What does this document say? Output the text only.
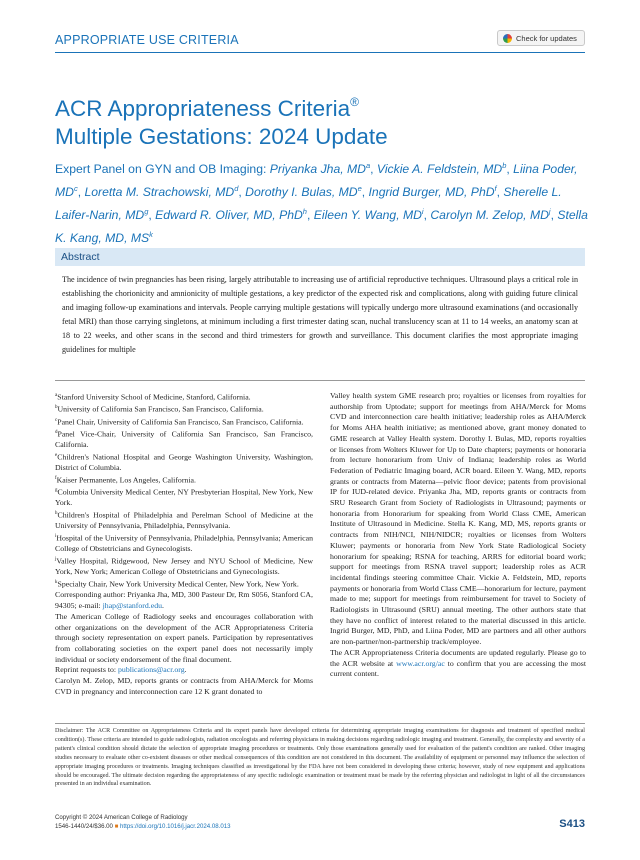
APPROPRIATE USE CRITERIA	Check for updates
ACR Appropriateness Criteria®
Multiple Gestations: 2024 Update
Expert Panel on GYN and OB Imaging: Priyanka Jha, $MD^a$, Vickie A. Feldstein, $MD^b$, Liina Poder, $MD^c$, Loretta M. Strachowski, $MD^d$, Dorothy I. Bulas, MDe, Ingrid Burger, MD, PhD$^f$, Sherelle L. Laifer-Narin, $MD^g$, Edward R. Oliver, MD, PhD$^h$, Eileen Y. Wang, $MD^i$, Carolyn M. Zelop, $MD^j$, Stella K. Kang, MD, $MS^k$
Abstract
The incidence of twin pregnancies has been rising, largely attributable to increasing use of artificial reproductive techniques. Ultrasound plays a critical role in establishing the chorionicity and amnionicity of multiple gestations, a key predictor of the expected risk and complications, along with guiding future clinical and imaging follow-up examinations and intervals. People carrying multiple gestations will typically undergo more ultrasound examinations (and occasionally fetal MRI) than those carrying singletons, at minimum including a first trimester dating scan, nuchal translucency scan at 11 to 14 weeks, an anatomy scan at 18 to 22 weeks, and other scans in the second and third trimesters for growth and surveillance. This document clarifies the most appropriate imaging guidelines for multiple

$^a$Stanford University School of Medicine, Stanford, California.

$^b$University of California San Francisco, San Francisco, California.

$^c$Panel Chair, University of California San Francisco, San Francisco, California.

$^d$Panel Vice-Chair, University of California San Francisco, San Francisco, California.

$^e$Children's National Hospital and George Washington University, Washington, District of Columbia.

$^f$Kaiser Permanente, Los Angeles, California.

$^g$Columbia University Medical Center, NY Presbyterian Hospital, New York, New York.

$^h$Children's Hospital of Philadelphia and Perelman School of Medicine at the University of Pennsylvania, Philadelphia, Pennsylvania.

$^i$Hospital of the University of Pennsylvania, Philadelphia, Pennsylvania; American College of Obstetricians and Gynecologists.

$^j$Valley Hospital, Ridgewood, New Jersey and NYU School of Medicine, New York, New York; American College of Obstetricians and Gynecologists.

$^k$Specialty Chair, New York University Medical Center, New York, New York.

Corresponding author: Priyanka Jha, MD, 300 Pasteur Dr, Rm S056, Stanford CA, 94305; e-mail: jhap@stanford.edu.

The American College of Radiology seeks and encourages collaboration with other organizations on the development of the ACR Appropriateness Criteria through society representation on expert panels. Participation by representatives from collaborating societies on the expert panel does not necessarily imply individual or society endorsement of the final document.
Reprint requests to: publications@acr.org.

Carolyn M. Zelop, MD, reports grants or contracts from AHA/Merck for Moms CVD in pregnancy and interconnection care 12 K grant donated to

Valley health system GME research pro; royalties or licenses from royalties for authorship from Uptodate; support for meetings from AHA/Merck for Moms CVD and interconnection care health initiative; leadership roles as AHA/Merck for Moms AHA health initiative; as mentioned above, grant money donated to GME research at Valley Health system. Dorothy I. Bulas, MD, reports royalties or licenses from Wolters Kluwer for Up to Date chapters; payments or honoraria from lecture honorarium from Univ of Indiana; leadership roles as World Federation of Pediatric Imaging board, ACR board. Eileen Y. Wang, MD, reports grants or contracts from Materna—pelvic floor device; patents from provisional IP for IUD-related device. Priyanka Jha, MD, reports grants or contracts from SRU Research Grant from Society of Radiologists in Ultrasound; payments or honoraria from Honorarium for speaking from World Class CME, American Institute of Ultrasound in Medicine. Stella K. Kang, MD, MS, reports grants or contracts from NIH/NCI, NIH/NIDCR; royalties or licenses from Wolters Kluwer; payments or honoraria from New York State Radiological Society honorarium for speaking; RSNA for teaching, ARRS for editorial board work; support for meetings from RSNA travel support; leadership roles as ACR incidental findings steering committee Chair. Vickie A. Feldstein, MD, reports payments or honoraria from World Class CME—honorarium for lecture, payment made to me; support for meetings from reimbursement for travel to Society of Radiologists in Ultrasound (SRU) annual meeting. The other authors state that they have no conflict of interest related to the material discussed in this article. Ingrid Burger, MD, PhD, and Liina Poder, MD are partners and all other authors are non-partner/non-partnership track/employee.

The ACR Appropriateness Criteria documents are updated regularly. Please go to the ACR website at www.acr.org/ac to confirm that you are accessing the most current content.

Disclaimer: The ACR Committee on Appropriateness Criteria and its expert panels have developed criteria for determining appropriate imaging examinations for diagnosis and treatment of specified medical condition(s). These criteria are intended to guide radiologists, radiation oncologists and referring physicians in making decisions regarding radiologic imaging and treatment. Generally, the complexity and severity of a patient's clinical condition should dictate the selection of appropriate imaging procedures or treatments. Only those examinations generally used for evaluation of the patient's condition are ranked. Other imaging studies necessary to evaluate other co-existent diseases or other medical consequences of this condition are not considered in this document. The availability of equipment or personnel may influence the selection of appropriate imaging procedures or treatments. Imaging techniques classified as investigational by the FDA have not been considered in developing these criteria; however, study of new equipment and applications should be encouraged. The ultimate decision regarding the appropriateness of any specific radiologic examination or treatment must be made by the referring physician and radiologist in light of all the circumstances presented in an individual examination.
Copyright © 2024 American College of Radiology
1546-1440/24/$36.00 ■ https://doi.org/10.1016/j.jacr.2024.08.013	S413
